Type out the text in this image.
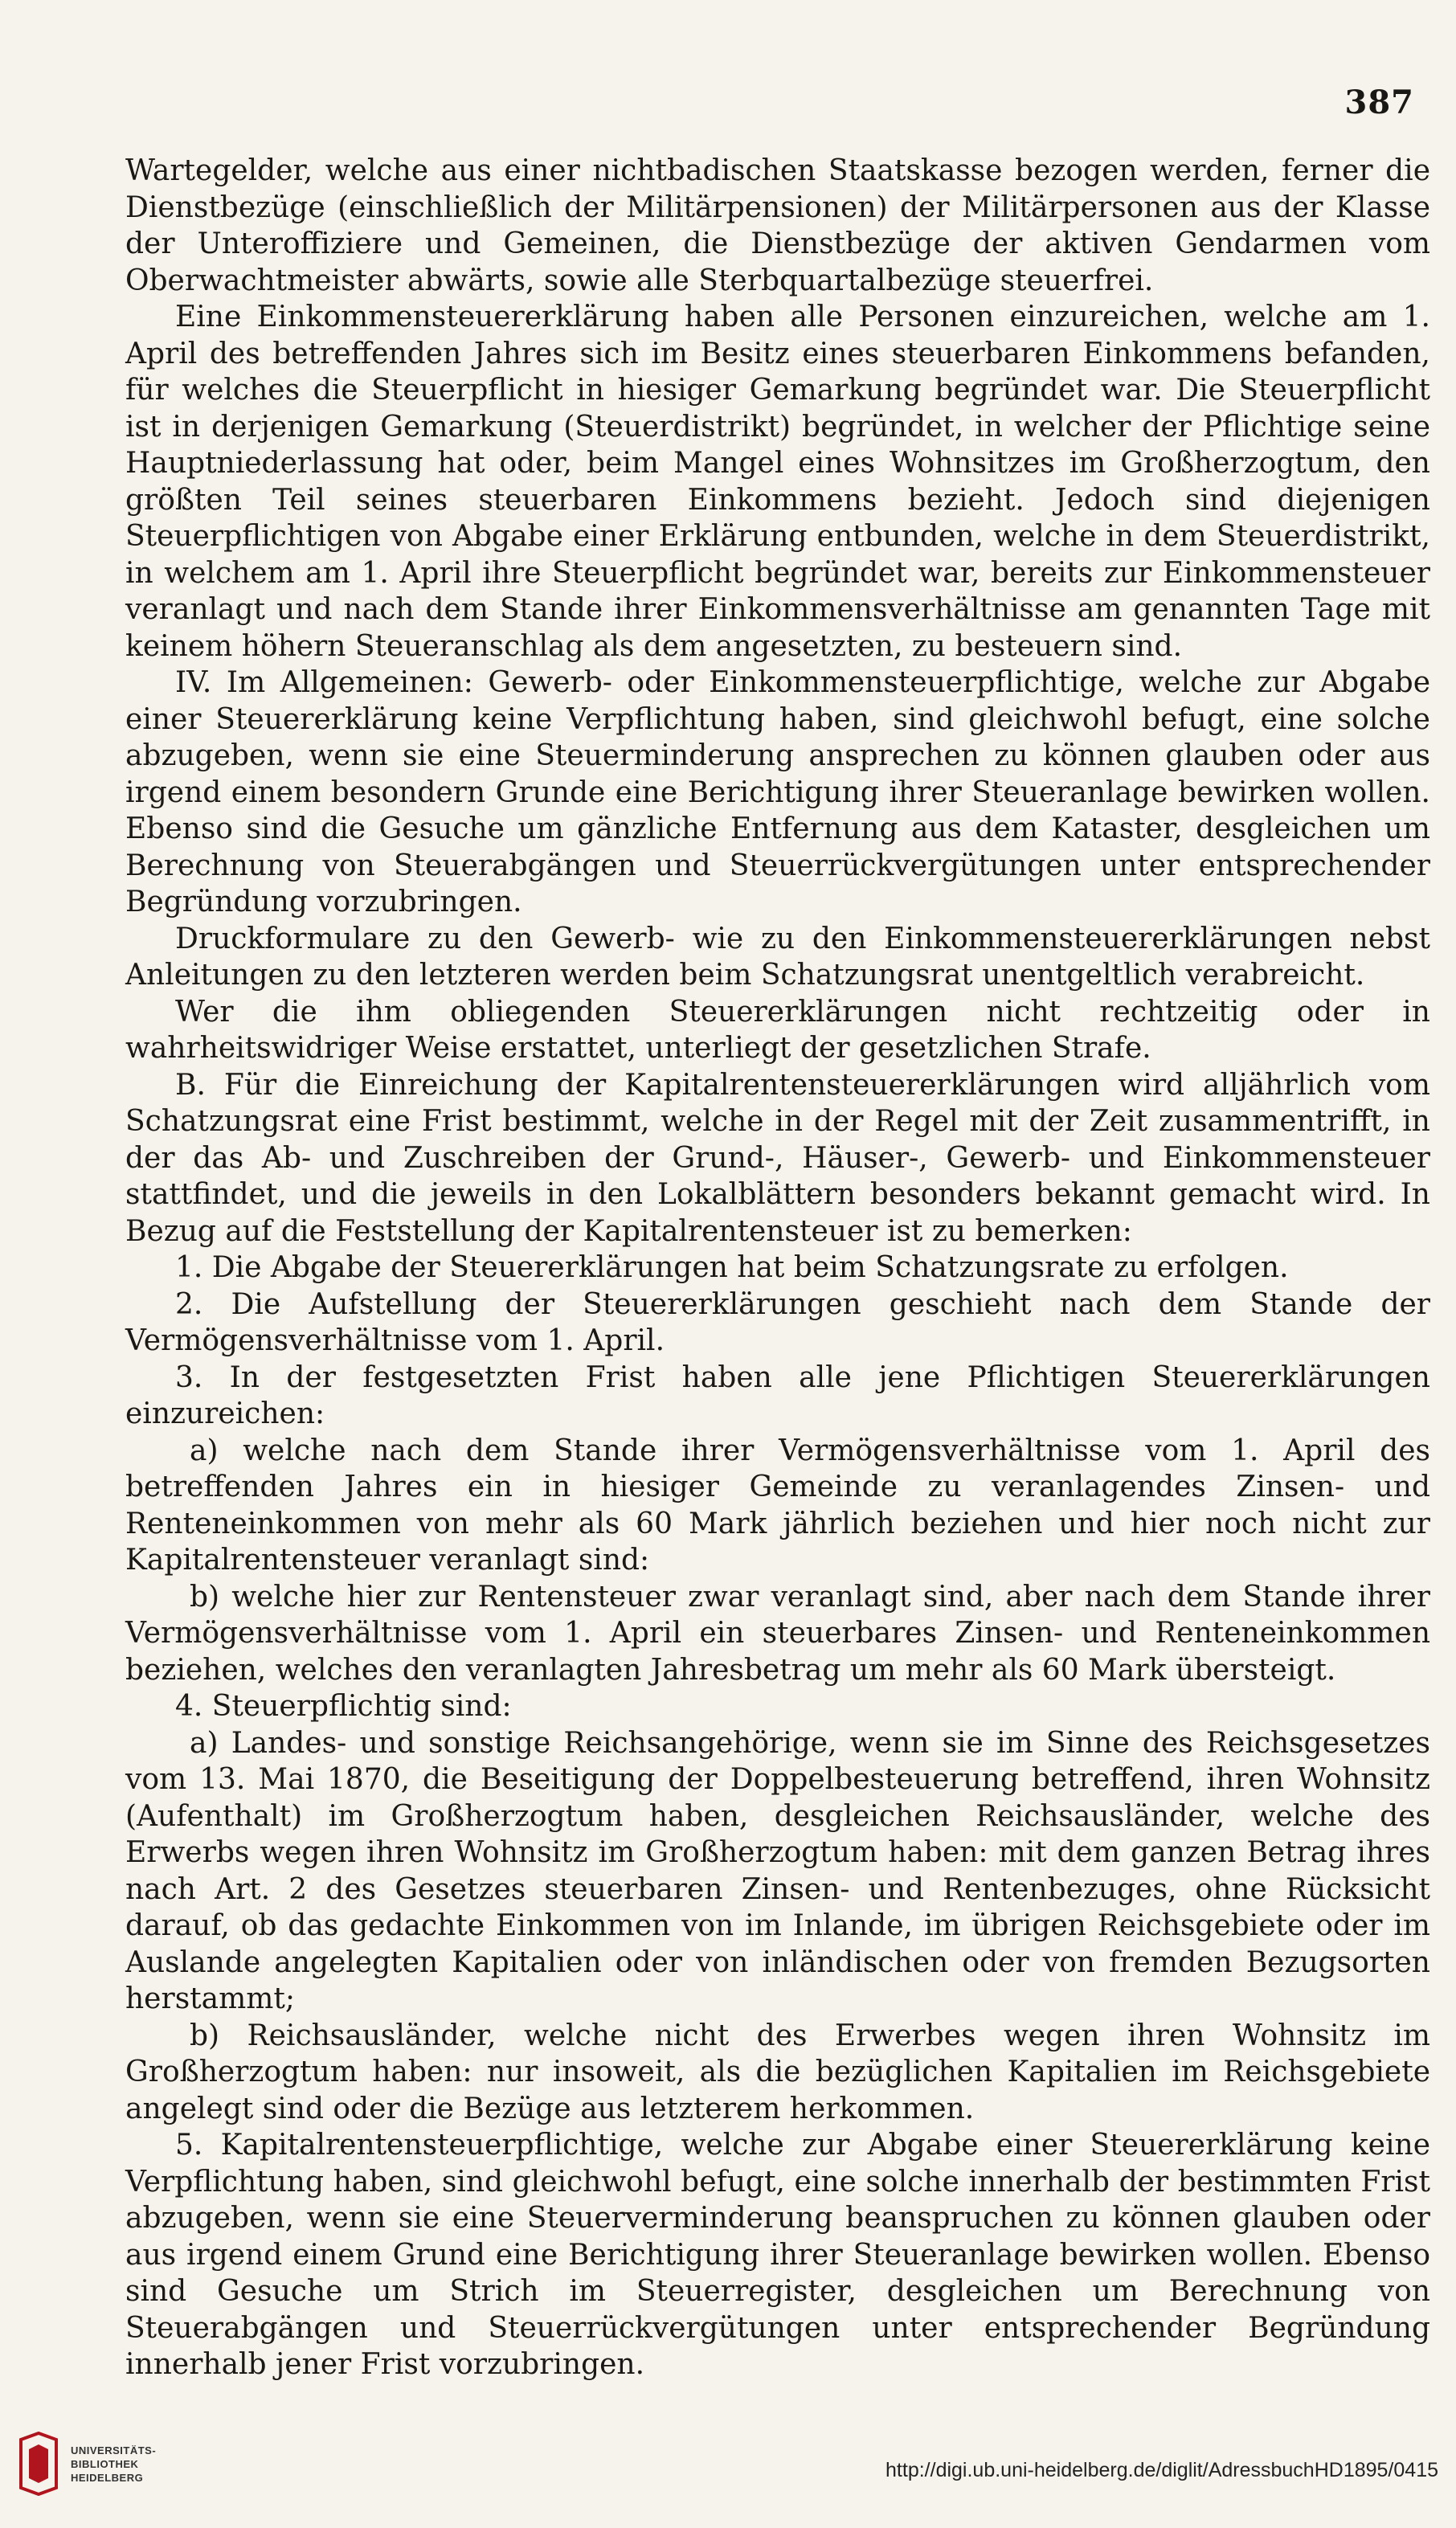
387

Wartegelder, welche aus einer nichtbadischen Staatskasse bezogen werden, ferner die Dienstbezüge (einschließlich der Militärpensionen) der Militärpersonen aus der Klasse der Unteroffiziere und Gemeinen, die Dienstbezüge der aktiven Gendarmen vom Oberwachtmeister abwärts, sowie alle Sterbquartalbezüge steuerfrei.

Eine Einkommensteuererklärung haben alle Personen einzureichen, welche am 1. April des betreffenden Jahres sich im Besitz eines steuerbaren Einkommens befanden, für welches die Steuerpflicht in hiesiger Gemarkung begründet war. Die Steuerpflicht ist in derjenigen Gemarkung (Steuerdistrikt) begründet, in welcher der Pflichtige seine Hauptniederlassung hat oder, beim Mangel eines Wohnsitzes im Großherzogtum, den größten Teil seines steuerbaren Einkommens bezieht. Jedoch sind diejenigen Steuerpflichtigen von Abgabe einer Erklärung entbunden, welche in dem Steuerdistrikt, in welchem am 1. April ihre Steuerpflicht begründet war, bereits zur Einkommensteuer veranlagt und nach dem Stande ihrer Einkommensverhältnisse am genannten Tage mit keinem höhern Steueranschlag als dem angesetzten, zu besteuern sind.

IV. Im Allgemeinen: Gewerb- oder Einkommensteuerpflichtige, welche zur Abgabe einer Steuererklärung keine Verpflichtung haben, sind gleichwohl befugt, eine solche abzugeben, wenn sie eine Steuerminderung ansprechen zu können glauben oder aus irgend einem besondern Grunde eine Berichtigung ihrer Steueranlage bewirken wollen. Ebenso sind die Gesuche um gänzliche Entfernung aus dem Kataster, desgleichen um Berechnung von Steuerabgängen und Steuerrückvergütungen unter entsprechender Begründung vorzubringen.

Druckformulare zu den Gewerb- wie zu den Einkommensteuererklärungen nebst Anleitungen zu den letzteren werden beim Schatzungsrat unentgeltlich verabreicht.

Wer die ihm obliegenden Steuererklärungen nicht rechtzeitig oder in wahrheitswidriger Weise erstattet, unterliegt der gesetzlichen Strafe.

B. Für die Einreichung der Kapitalrentensteuererklärungen wird alljährlich vom Schatzungsrat eine Frist bestimmt, welche in der Regel mit der Zeit zusammentrifft, in der das Ab- und Zuschreiben der Grund-, Häuser-, Gewerb- und Einkommensteuer stattfindet, und die jeweils in den Lokalblättern besonders bekannt gemacht wird. In Bezug auf die Feststellung der Kapitalrentensteuer ist zu bemerken:

1. Die Abgabe der Steuererklärungen hat beim Schatzungsrate zu erfolgen.

2. Die Aufstellung der Steuererklärungen geschieht nach dem Stande der Vermögensverhältnisse vom 1. April.

3. In der festgesetzten Frist haben alle jene Pflichtigen Steuererklärungen einzureichen:

a) welche nach dem Stande ihrer Vermögensverhältnisse vom 1. April des betreffenden Jahres ein in hiesiger Gemeinde zu veranlagendes Zinsen- und Renteneinkommen von mehr als 60 Mark jährlich beziehen und hier noch nicht zur Kapitalrentensteuer veranlagt sind:

b) welche hier zur Rentensteuer zwar veranlagt sind, aber nach dem Stande ihrer Vermögensverhältnisse vom 1. April ein steuerbares Zinsen- und Renteneinkommen beziehen, welches den veranlagten Jahresbetrag um mehr als 60 Mark übersteigt.

4. Steuerpflichtig sind:

a) Landes- und sonstige Reichsangehörige, wenn sie im Sinne des Reichsgesetzes vom 13. Mai 1870, die Beseitigung der Doppelbesteuerung betreffend, ihren Wohnsitz (Aufenthalt) im Großherzogtum haben, desgleichen Reichsausländer, welche des Erwerbs wegen ihren Wohnsitz im Großherzogtum haben: mit dem ganzen Betrag ihres nach Art. 2 des Gesetzes steuerbaren Zinsen- und Rentenbezuges, ohne Rücksicht darauf, ob das gedachte Einkommen von im Inlande, im übrigen Reichsgebiete oder im Auslande angelegten Kapitalien oder von inländischen oder von fremden Bezugsorten herstammt;

b) Reichsausländer, welche nicht des Erwerbes wegen ihren Wohnsitz im Großherzogtum haben: nur insoweit, als die bezüglichen Kapitalien im Reichsgebiete angelegt sind oder die Bezüge aus letzterem herkommen.

5. Kapitalrentensteuerpflichtige, welche zur Abgabe einer Steuererklärung keine Verpflichtung haben, sind gleichwohl befugt, eine solche innerhalb der bestimmten Frist abzugeben, wenn sie eine Steuerverminderung beanspruchen zu können glauben oder aus irgend einem Grund eine Berichtigung ihrer Steueranlage bewirken wollen. Ebenso sind Gesuche um Strich im Steuerregister, desgleichen um Berechnung von Steuerabgängen und Steuerrückvergütungen unter entsprechender Begründung innerhalb jener Frist vorzubringen.

UNIVERSITÄTS-
BIBLIOTHEK
HEIDELBERG	http://digi.ub.uni-heidelberg.de/diglit/AdressbuchHD1895/0415
